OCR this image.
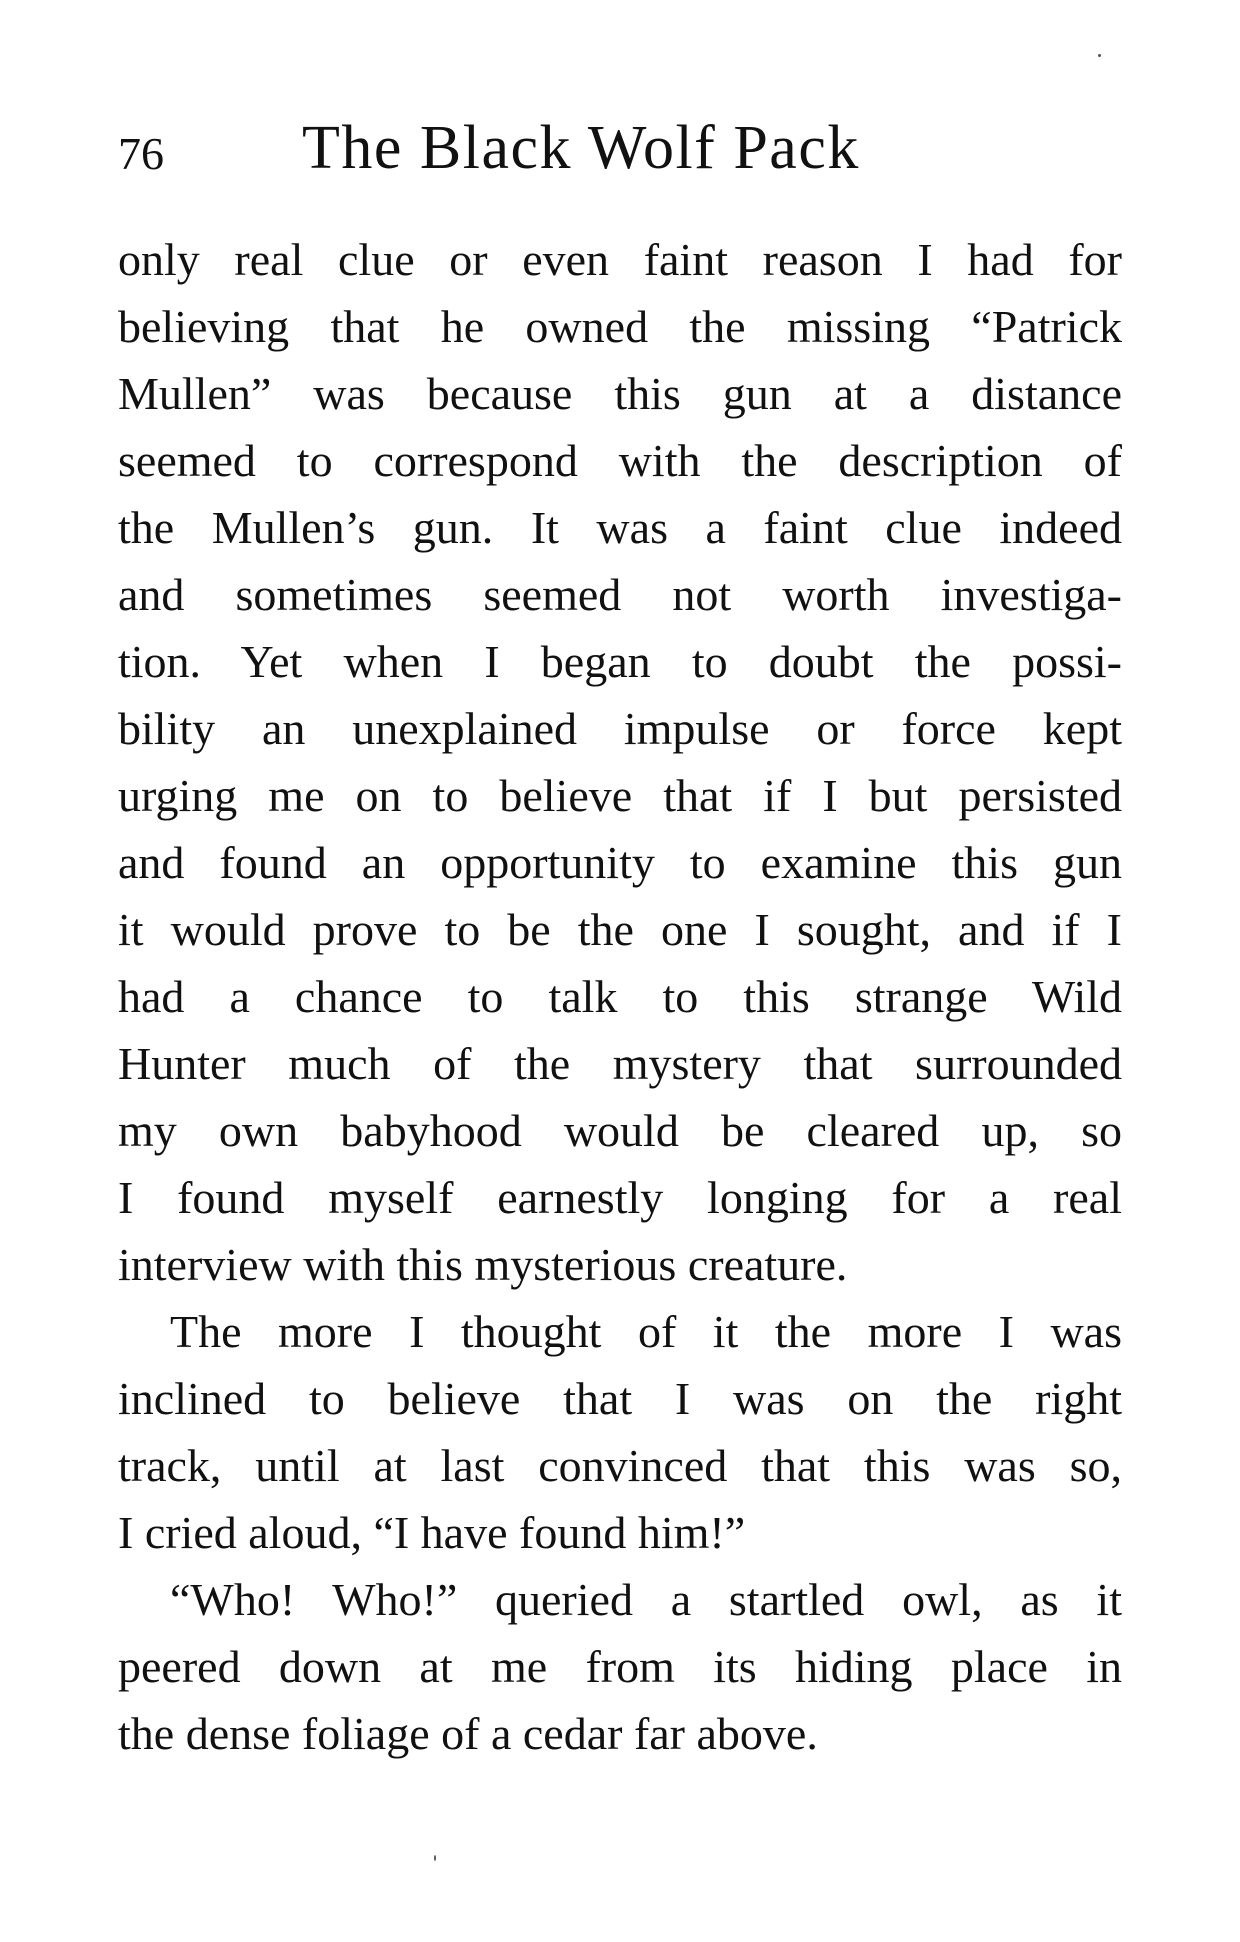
76 The Black Wolf Pack
only real clue or even faint reason I had for
believing that he owned the missing “Patrick
Mullen” was because this gun at a distance
seemed to correspond with the description of
the Mullen’s gun. It was a faint clue indeed
and sometimes seemed not worth investiga-
tion. Yet when I began to doubt the possi-
bility an unexplained impulse or force kept
urging me on to believe that if I but persisted
and found an opportunity to examine this gun
it would prove to be the one I sought, and if I
had a chance to talk to this strange Wild
Hunter much of the mystery that surrounded
my own babyhood would be cleared up, so
I found myself earnestly longing for a real
interview with this mysterious creature.
The more I thought of it the more I was
inclined to believe that I was on the right
track, until at last convinced that this was so,
I cried aloud, “I have found him!”
“Who! Who!” queried a startled owl, as it
peered down at me from its hiding place in
the dense foliage of a cedar far above.
